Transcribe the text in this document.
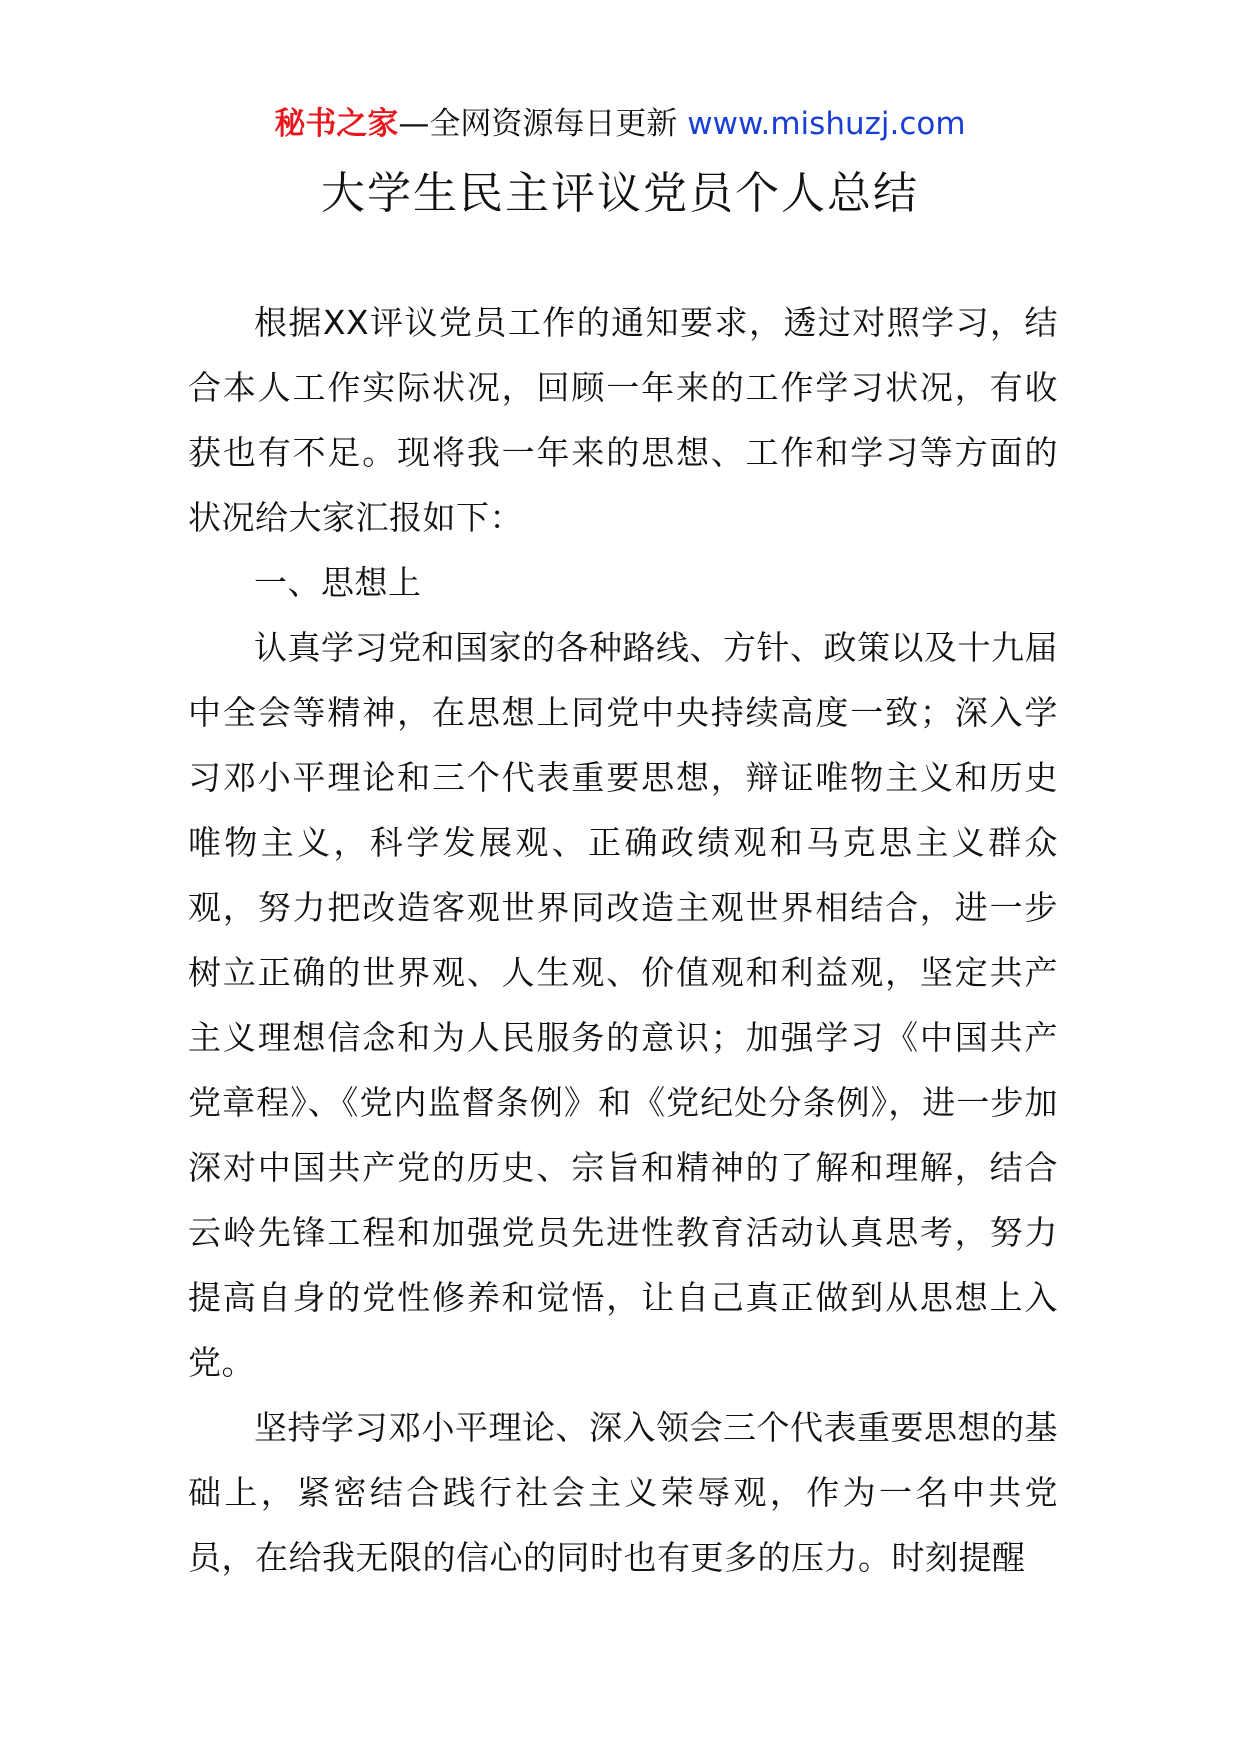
秘书之家—全网资源每日更新 www.mishuzj.com
大学生民主评议党员个人总结

根据XX评议党员工作的通知要求，透过对照学习，结合本人工作实际状况，回顾一年来的工作学习状况，有收获也有不足。现将我一年来的思想、工作和学习等方面的状况给大家汇报如下：

一、思想上

认真学习党和国家的各种路线、方针、政策以及十九届中全会等精神，在思想上同党中央持续高度一致；深入学习邓小平理论和三个代表重要思想，辩证唯物主义和历史唯物主义，科学发展观、正确政绩观和马克思主义群众观，努力把改造客观世界同改造主观世界相结合，进一步树立正确的世界观、人生观、价值观和利益观，坚定共产主义理想信念和为人民服务的意识；加强学习《中国共产党章程》、《党内监督条例》和《党纪处分条例》，进一步加深对中国共产党的历史、宗旨和精神的了解和理解，结合云岭先锋工程和加强党员先进性教育活动认真思考，努力提高自身的党性修养和觉悟，让自己真正做到从思想上入党。

坚持学习邓小平理论、深入领会三个代表重要思想的基础上，紧密结合践行社会主义荣辱观，作为一名中共党员，在给我无限的信心的同时也有更多的压力。时刻提醒
